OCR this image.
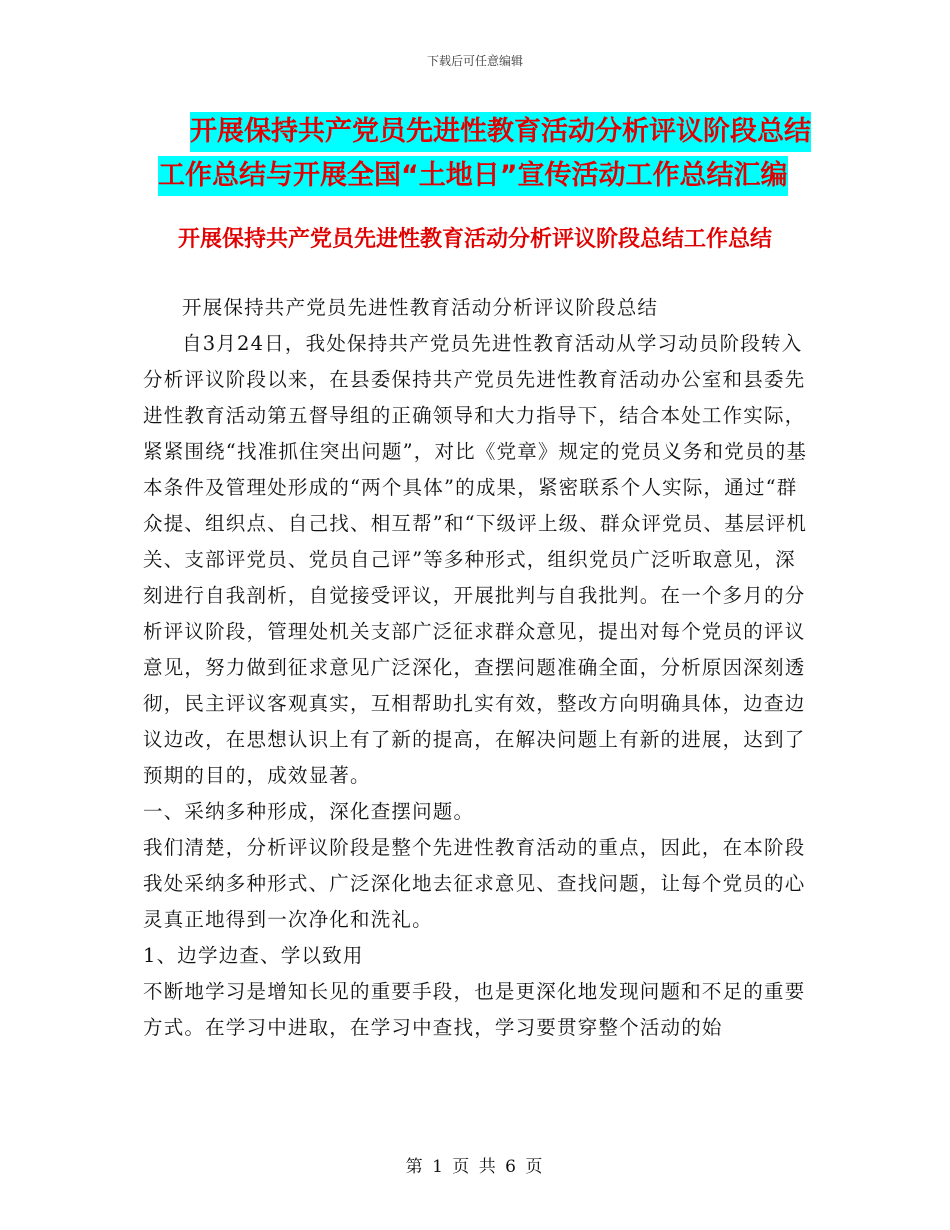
下载后可任意编辑
开展保持共产党员先进性教育活动分析评议阶段总结
工作总结与开展全国“土地日”宣传活动工作总结汇编
开展保持共产党员先进性教育活动分析评议阶段总结工作总结

开展保持共产党员先进性教育活动分析评议阶段总结

自3月24日，我处保持共产党员先进性教育活动从学习动员阶段转入分析评议阶段以来，在县委保持共产党员先进性教育活动办公室和县委先进性教育活动第五督导组的正确领导和大力指导下，结合本处工作实际，紧紧围绕“找准抓住突出问题”，对比《党章》规定的党员义务和党员的基本条件及管理处形成的“两个具体”的成果，紧密联系个人实际，通过“群众提、组织点、自己找、相互帮”和“下级评上级、群众评党员、基层评机关、支部评党员、党员自己评”等多种形式，组织党员广泛听取意见，深刻进行自我剖析，自觉接受评议，开展批判与自我批判。在一个多月的分析评议阶段，管理处机关支部广泛征求群众意见，提出对每个党员的评议意见，努力做到征求意见广泛深化，查摆问题准确全面，分析原因深刻透彻，民主评议客观真实，互相帮助扎实有效，整改方向明确具体，边查边议边改，在思想认识上有了新的提高，在解决问题上有新的进展，达到了预期的目的，成效显著。

一、采纳多种形成，深化查摆问题。

我们清楚，分析评议阶段是整个先进性教育活动的重点，因此，在本阶段我处采纳多种形式、广泛深化地去征求意见、查找问题，让每个党员的心灵真正地得到一次净化和洗礼。

1、边学边查、学以致用

不断地学习是增知长见的重要手段，也是更深化地发现问题和不足的重要方式。在学习中进取，在学习中查找，学习要贯穿整个活动的始

第 1 页 共 6 页
